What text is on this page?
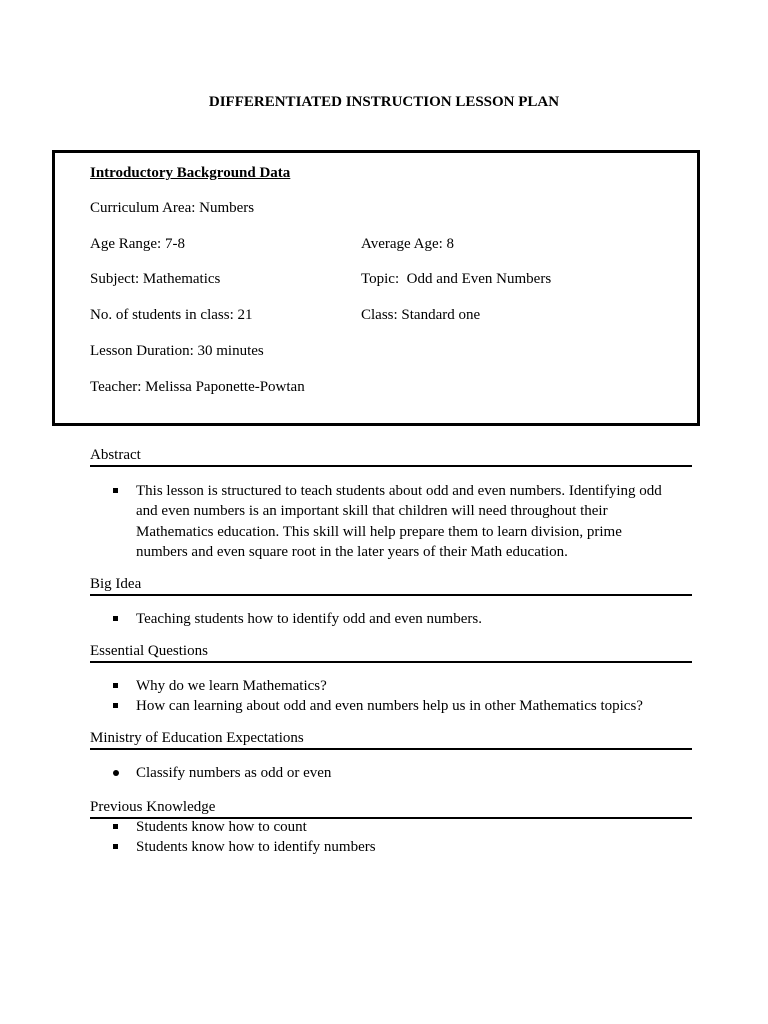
DIFFERENTIATED INSTRUCTION LESSON PLAN
Introductory Background Data
Curriculum Area: Numbers
Age Range: 7-8	Average Age: 8
Subject: Mathematics	Topic:  Odd and Even Numbers
No. of students in class: 21	Class: Standard one
Lesson Duration: 30 minutes
Teacher: Melissa Paponette-Powtan
Abstract
This lesson is structured to teach students about odd and even numbers. Identifying odd and even numbers is an important skill that children will need throughout their Mathematics education. This skill will help prepare them to learn division, prime numbers and even square root in the later years of their Math education.
Big Idea
Teaching students how to identify odd and even numbers.
Essential Questions
Why do we learn Mathematics?
How can learning about odd and even numbers help us in other Mathematics topics?
Ministry of Education Expectations
Classify numbers as odd or even
Previous Knowledge
Students know how to count
Students know how to identify numbers
